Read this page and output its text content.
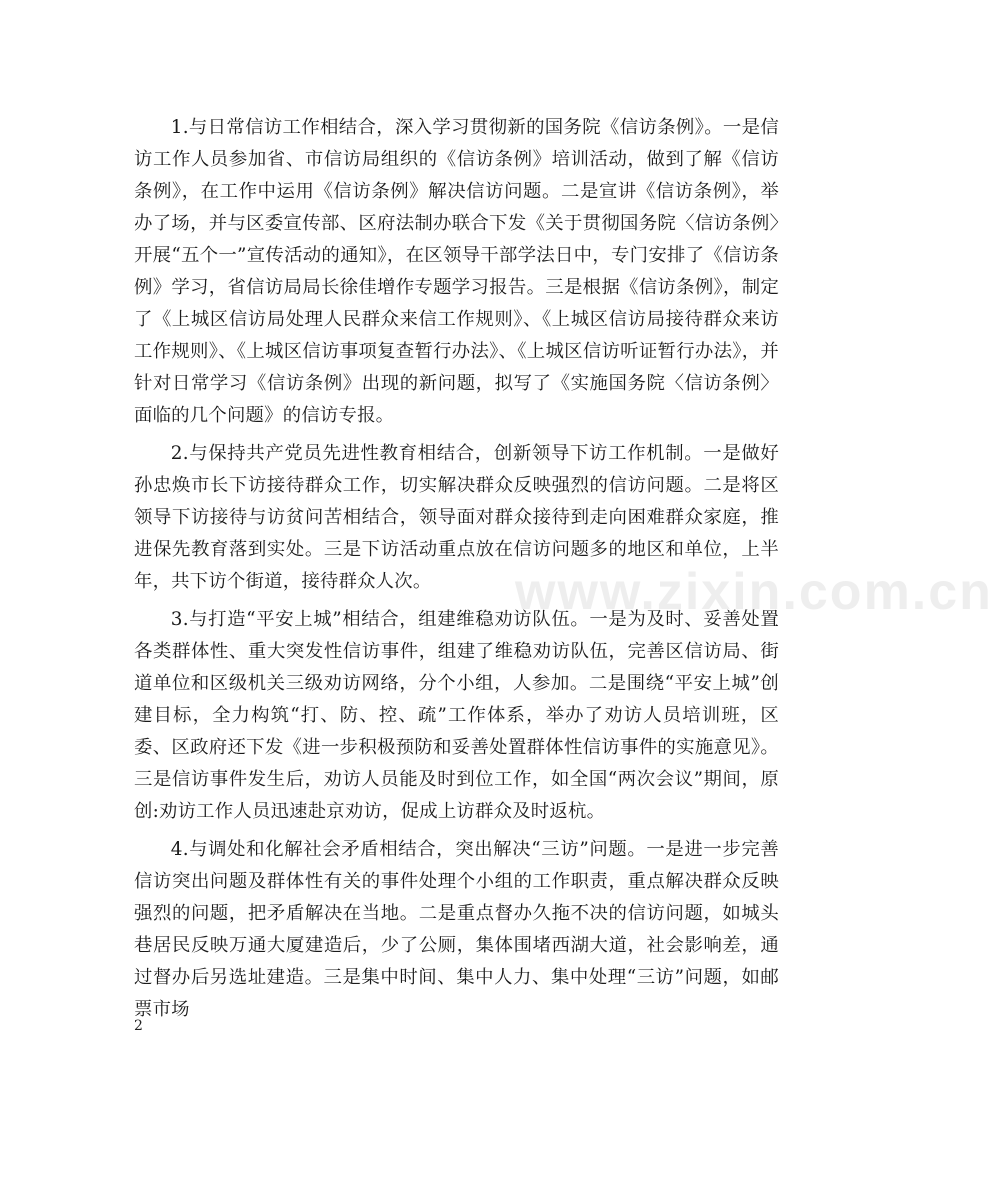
1.与日常信访工作相结合，深入学习贯彻新的国务院《信访条例》。一是信访工作人员参加省、市信访局组织的《信访条例》培训活动，做到了解《信访条例》，在工作中运用《信访条例》解决信访问题。二是宣讲《信访条例》，举办了场，并与区委宣传部、区府法制办联合下发《关于贯彻国务院〈信访条例〉开展“五个一”宣传活动的通知》，在区领导干部学法日中，专门安排了《信访条例》学习，省信访局局长徐佳增作专题学习报告。三是根据《信访条例》，制定了《上城区信访局处理人民群众来信工作规则》、《上城区信访局接待群众来访工作规则》、《上城区信访事项复查暂行办法》、《上城区信访听证暂行办法》，并针对日常学习《信访条例》出现的新问题，拟写了《实施国务院〈信访条例〉面临的几个问题》的信访专报。

2.与保持共产党员先进性教育相结合，创新领导下访工作机制。一是做好孙忠焕市长下访接待群众工作，切实解决群众反映强烈的信访问题。二是将区领导下访接待与访贫问苦相结合，领导面对群众接待到走向困难群众家庭，推进保先教育落到实处。三是下访活动重点放在信访问题多的地区和单位，上半年，共下访个街道，接待群众人次。

3.与打造“平安上城”相结合，组建维稳劝访队伍。一是为及时、妥善处置各类群体性、重大突发性信访事件，组建了维稳劝访队伍，完善区信访局、街道单位和区级机关三级劝访网络，分个小组，人参加。二是围绕“平安上城”创建目标，全力构筑“打、防、控、疏”工作体系，举办了劝访人员培训班，区委、区政府还下发《进一步积极预防和妥善处置群体性信访事件的实施意见》。三是信访事件发生后，劝访人员能及时到位工作，如全国“两次会议”期间，原创:劝访工作人员迅速赴京劝访，促成上访群众及时返杭。

4.与调处和化解社会矛盾相结合，突出解决“三访”问题。一是进一步完善信访突出问题及群体性有关的事件处理个小组的工作职责，重点解决群众反映强烈的问题，把矛盾解决在当地。二是重点督办久拖不决的信访问题，如城头巷居民反映万通大厦建造后，少了公厕，集体围堵西湖大道，社会影响差，通过督办后另选址建造。三是集中时间、集中人力、集中处理“三访”问题，如邮票市场

www.zixin.com.cn
2
